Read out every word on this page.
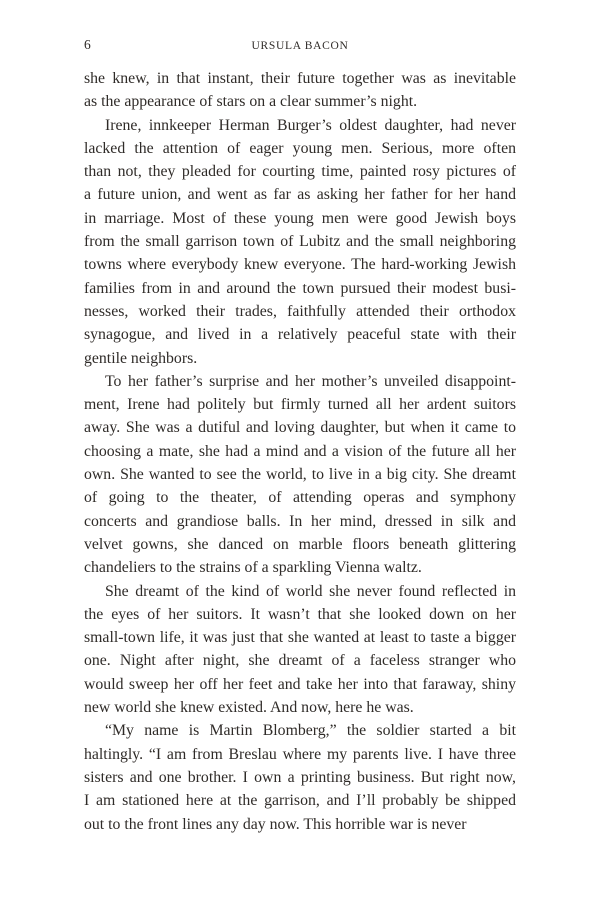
6	URSULA BACON
she knew, in that instant, their future together was as inevitable
as the appearance of stars on a clear summer’s night.
Irene, innkeeper Herman Burger’s oldest daughter, had never
lacked the attention of eager young men. Serious, more often
than not, they pleaded for courting time, painted rosy pictures of
a future union, and went as far as asking her father for her hand
in marriage. Most of these young men were good Jewish boys
from the small garrison town of Lubitz and the small neighboring
towns where everybody knew everyone. The hard-working Jewish
families from in and around the town pursued their modest busi-
nesses, worked their trades, faithfully attended their orthodox
synagogue, and lived in a relatively peaceful state with their
gentile neighbors.
To her father’s surprise and her mother’s unveiled disappoint-
ment, Irene had politely but firmly turned all her ardent suitors
away. She was a dutiful and loving daughter, but when it came to
choosing a mate, she had a mind and a vision of the future all her
own. She wanted to see the world, to live in a big city. She dreamt
of going to the theater, of attending operas and symphony
concerts and grandiose balls. In her mind, dressed in silk and
velvet gowns, she danced on marble floors beneath glittering
chandeliers to the strains of a sparkling Vienna waltz.
She dreamt of the kind of world she never found reflected in
the eyes of her suitors. It wasn’t that she looked down on her
small-town life, it was just that she wanted at least to taste a bigger
one. Night after night, she dreamt of a faceless stranger who
would sweep her off her feet and take her into that faraway, shiny
new world she knew existed. And now, here he was.
“My name is Martin Blomberg,” the soldier started a bit
haltingly. “I am from Breslau where my parents live. I have three
sisters and one brother. I own a printing business. But right now,
I am stationed here at the garrison, and I’ll probably be shipped
out to the front lines any day now. This horrible war is never
